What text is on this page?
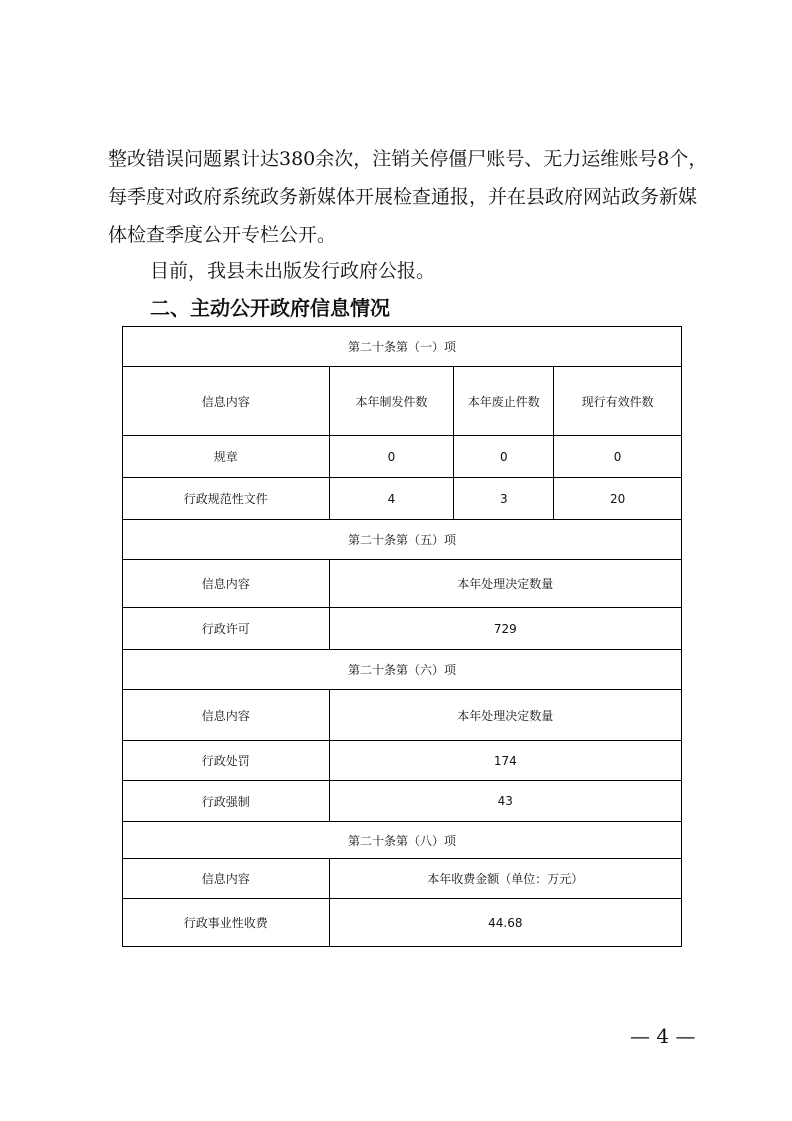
整改错误问题累计达380余次，注销关停僵尸账号、无力运维账号8个，每季度对政府系统政务新媒体开展检查通报，并在县政府网站政务新媒体检查季度公开专栏公开。

目前，我县未出版发行政府公报。

二、主动公开政府信息情况
第二十条第（一）项			
信息内容	本年制发件数	本年废止件数	现行有效件数
规章	0	0	0
行政规范性文件	4	3	20
第二十条第（五）项			
信息内容	本年处理决定数量		
行政许可	729		
第二十条第（六）项			
信息内容	本年处理决定数量		
行政处罚	174		
行政强制	43		
第二十条第（八）项			
信息内容	本年收费金额（单位：万元）		
行政事业性收费	44.68		
— 4 —
